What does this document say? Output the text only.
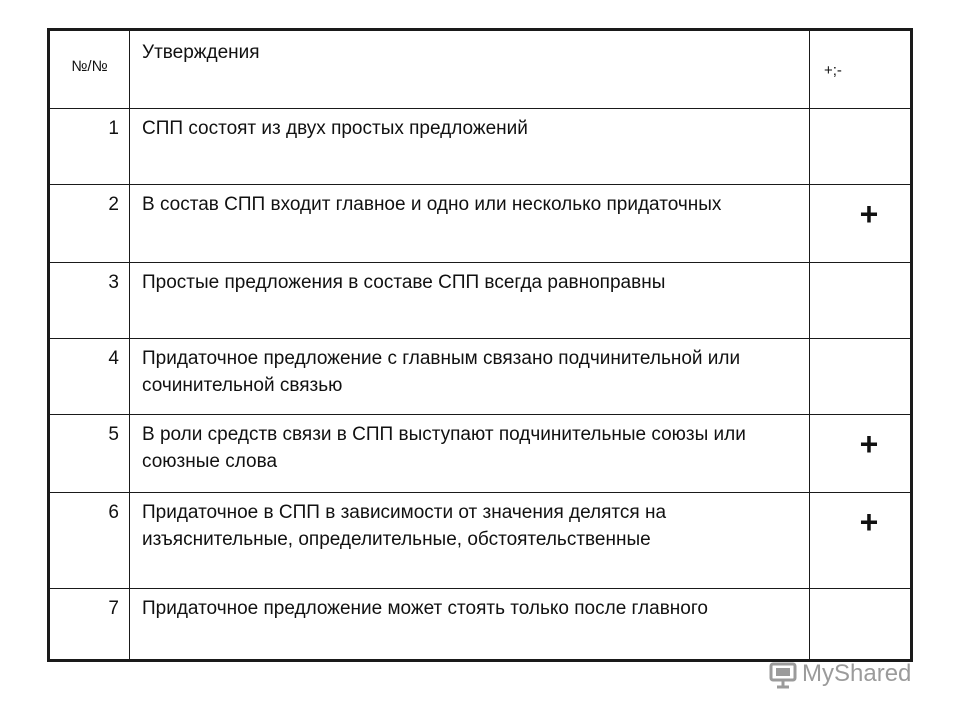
№/№	Утверждения	+;-
1	СПП состоят из двух простых предложений	
2	В состав СПП входит главное и одно или несколько придаточных	+
3	Простые предложения в составе СПП всегда равноправны	
4	Придаточное предложение с главным связано подчинительной или сочинительной связью	
5	В роли средств связи в СПП выступают подчинительные союзы или союзные слова	+
6	Придаточное в СПП в зависимости от значения делятся на изъяснительные, определительные, обстоятельственные	+
7	Придаточное предложение может стоять только после главного	
MyShared
